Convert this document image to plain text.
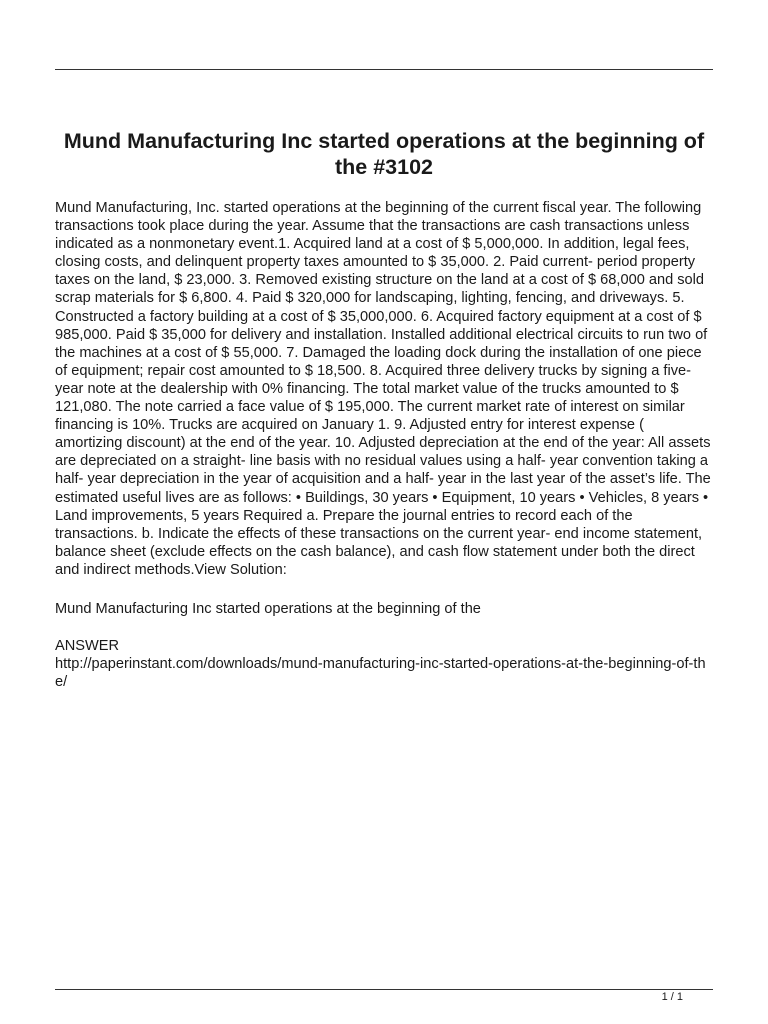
Mund Manufacturing Inc started operations at the beginning of the #3102

Mund Manufacturing, Inc. started operations at the beginning of the current fiscal year. The following transactions took place during the year. Assume that the transactions are cash transactions unless indicated as a nonmonetary event.1. Acquired land at a cost of $ 5,000,000. In addition, legal fees, closing costs, and delinquent property taxes amounted to $ 35,000. 2. Paid current- period property taxes on the land, $ 23,000. 3. Removed existing structure on the land at a cost of $ 68,000 and sold scrap materials for $ 6,800. 4. Paid $ 320,000 for landscaping, lighting, fencing, and driveways. 5. Constructed a factory building at a cost of $ 35,000,000. 6. Acquired factory equipment at a cost of $ 985,000. Paid $ 35,000 for delivery and installation. Installed additional electrical circuits to run two of the machines at a cost of $ 55,000. 7. Damaged the loading dock during the installation of one piece of equipment; repair cost amounted to $ 18,500. 8. Acquired three delivery trucks by signing a five- year note at the dealership with 0% financing. The total market value of the trucks amounted to $ 121,080. The note carried a face value of $ 195,000. The current market rate of interest on similar financing is 10%. Trucks are acquired on January 1. 9. Adjusted entry for interest expense ( amortizing discount) at the end of the year. 10. Adjusted depreciation at the end of the year: All assets are depreciated on a straight- line basis with no residual values using a half- year convention taking a half- year depreciation in the year of acquisition and a half- year in the last year of the asset’s life. The estimated useful lives are as follows: • Buildings, 30 years • Equipment, 10 years • Vehicles, 8 years • Land improvements, 5 years Required a. Prepare the journal entries to record each of the transactions. b. Indicate the effects of these transactions on the current year- end income statement, balance sheet (exclude effects on the cash balance), and cash flow statement under both the direct and indirect methods.View Solution:

Mund Manufacturing Inc started operations at the beginning of the

ANSWER

http://paperinstant.com/downloads/mund-manufacturing-inc-started-operations-at-the-beginning-of-the/
1 / 1
